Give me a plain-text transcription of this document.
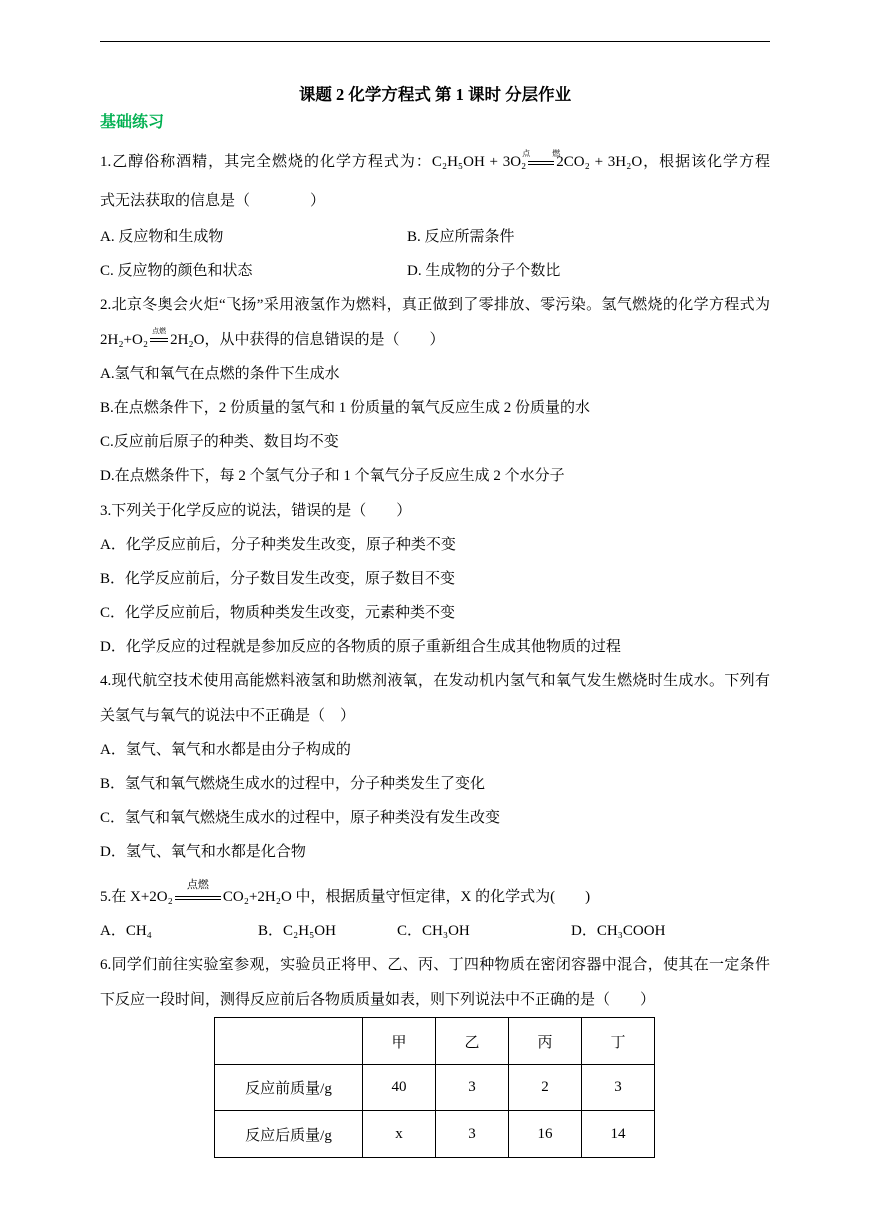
课题 2 化学方程式 第 1 课时 分层作业
基础练习
1.乙醇俗称酒精，其完全燃烧的化学方程式为：C₂H₅OH + 3O₂
点燃
2CO₂ + 3H₂O，根据该化学方程
式无法获取的信息是（　　　　）
A. 反应物和生成物	B. 反应所需条件
C. 反应物的颜色和状态	D. 生成物的分子个数比
2.北京冬奥会火炬“飞扬”采用液氢作为燃料，真正做到了零排放、零污染。氢气燃烧的化学方程式为
2H₂+O₂
点燃
2H₂O，从中获得的信息错误的是（　　）
A.氢气和氧气在点燃的条件下生成水
B.在点燃条件下，2 份质量的氢气和 1 份质量的氧气反应生成 2 份质量的水
C.反应前后原子的种类、数目均不变
D.在点燃条件下，每 2 个氢气分子和 1 个氧气分子反应生成 2 个水分子
3.下列关于化学反应的说法，错误的是（　　）
A．化学反应前后，分子种类发生改变，原子种类不变
B．化学反应前后，分子数目发生改变，原子数目不变
C．化学反应前后，物质种类发生改变，元素种类不变
D．化学反应的过程就是参加反应的各物质的原子重新组合生成其他物质的过程
4.现代航空技术使用高能燃料液氢和助燃剂液氧，在发动机内氢气和氧气发生燃烧时生成水。下列有
关氢气与氧气的说法中不正确是（　）
A．氢气、氧气和水都是由分子构成的
B．氢气和氧气燃烧生成水的过程中，分子种类发生了变化
C．氢气和氧气燃烧生成水的过程中，原子种类没有发生改变
D．氢气、氧气和水都是化合物
5.在 X+2O₂
点燃
CO₂+2H₂O 中，根据质量守恒定律，X 的化学式为(　　)
A．CH₄	B．C₂H₅OH	C．CH₃OH	D．CH₃COOH
6.同学们前往实验室参观，实验员正将甲、乙、丙、丁四种物质在密闭容器中混合，使其在一定条件
下反应一段时间，测得反应前后各物质质量如表，则下列说法中不正确的是（　　）
	甲	乙	丙	丁
反应前质量/g	40	3	2	3
反应后质量/g	x	3	16	14
